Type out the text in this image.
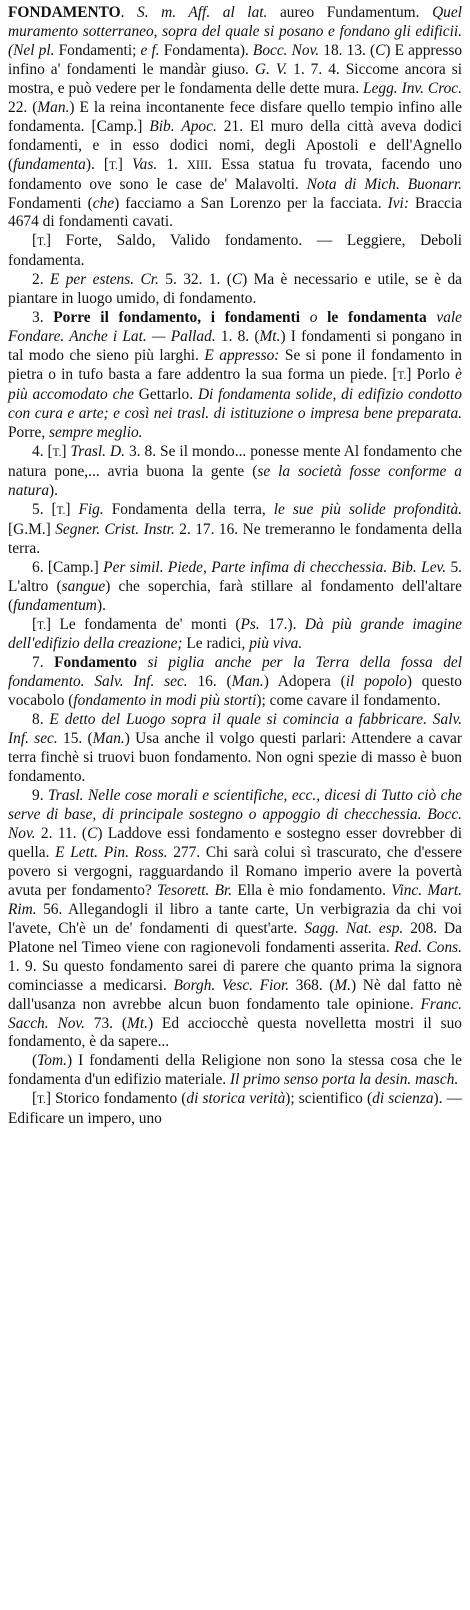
FONDAMENTO. S. m. Aff. al lat. aureo Fundamentum. Quel muramento sotterraneo, sopra del quale si posano e fondano gli edificii. (Nel pl. Fondamenti; e f. Fondamenta). Bocc. Nov. 18. 13. (C) E appresso infino a' fondamenti le mandàr giuso. G. V. 1. 7. 4. Siccome ancora si mostra, e può vedere per le fondamenta delle dette mura. Legg. Inv. Croc. 22. (Man.) E la reina incontanente fece disfare quello tempio infino alle fondamenta. [Camp.] Bib. Apoc. 21. El muro della città aveva dodici fondamenti, e in esso dodici nomi, degli Apostoli e dell'Agnello (fundamenta). [T.] Vas. 1. XIII. Essa statua fu trovata, facendo uno fondamento ove sono le case de' Malavolti. Nota di Mich. Buonarr. Fondamenti (che) facciamo a San Lorenzo per la facciata. Ivi: Braccia 4674 di fondamenti cavati.

[T.] Forte, Saldo, Valido fondamento. — Leggiere, Deboli fondamenta.

2. E per estens. Cr. 5. 32. 1. (C) Ma è necessario e utile, se è da piantare in luogo umido, di fondamento.

3. Porre il fondamento, i fondamenti o le fondamenta vale Fondare. Anche i Lat. — Pallad. 1. 8. (Mt.) I fondamenti si pongano in tal modo che sieno più larghi. E appresso: Se si pone il fondamento in pietra o in tufo basta a fare addentro la sua forma un piede. [T.] Porlo è più accomodato che Gettarlo. Di fondamenta solide, di edifizio condotto con cura e arte; e così nei trasl. di istituzione o impresa bene preparata. Porre, sempre meglio.

4. [T.] Trasl. D. 3. 8. Se il mondo... ponesse mente Al fondamento che natura pone,... avria buona la gente (se la società fosse conforme a natura).

5. [T.] Fig. Fondamenta della terra, le sue più solide profondità. [G.M.] Segner. Crist. Instr. 2. 17. 16. Ne tremeranno le fondamenta della terra.

6. [Camp.] Per simil. Piede, Parte infima di checchessia. Bib. Lev. 5. L'altro (sangue) che soperchia, farà stillare al fondamento dell'altare (fundamentum).

[T.] Le fondamenta de' monti (Ps. 17.). Dà più grande imagine dell'edifizio della creazione; Le radici, più viva.

7. Fondamento si piglia anche per la Terra della fossa del fondamento. Salv. Inf. sec. 16. (Man.) Adopera (il popolo) questo vocabolo (fondamento in modi più storti); come cavare il fondamento.

8. E detto del Luogo sopra il quale si comincia a fabbricare. Salv. Inf. sec. 15. (Man.) Usa anche il volgo questi parlari: Attendere a cavar terra finchè si truovi buon fondamento. Non ogni spezie di masso è buon fondamento.

9. Trasl. Nelle cose morali e scientifiche, ecc., dicesi di Tutto ciò che serve di base, di principale sostegno o appoggio di checchessia. Bocc. Nov. 2. 11. (C) Laddove essi fondamento e sostegno esser dovrebber di quella. E Lett. Pin. Ross. 277. Chi sarà colui sì trascurato, che d'essere povero si vergogni, ragguardando il Romano imperio avere la povertà avuta per fondamento? Tesorett. Br. Ella è mio fondamento. Vinc. Mart. Rim. 56. Allegandogli il libro a tante carte, Un verbigrazia da chi voi l'avete, Ch'è un de' fondamenti di quest'arte. Sagg. Nat. esp. 208. Da Platone nel Timeo viene con ragionevoli fondamenti asserita. Red. Cons. 1. 9. Su questo fondamento sarei di parere che quanto prima la signora cominciasse a medicarsi. Borgh. Vesc. Fior. 368. (M.) Nè dal fatto nè dall'usanza non avrebbe alcun buon fondamento tale opinione. Franc. Sacch. Nov. 73. (Mt.) Ed acciocchè questa novelletta mostri il suo fondamento, è da sapere...

(Tom.) I fondamenti della Religione non sono la stessa cosa che le fondamenta d'un edifizio materiale. Il primo senso porta la desin. masch.

[T.] Storico fondamento (di storica verità); scientifico (di scienza). — Edificare un impero, uno
